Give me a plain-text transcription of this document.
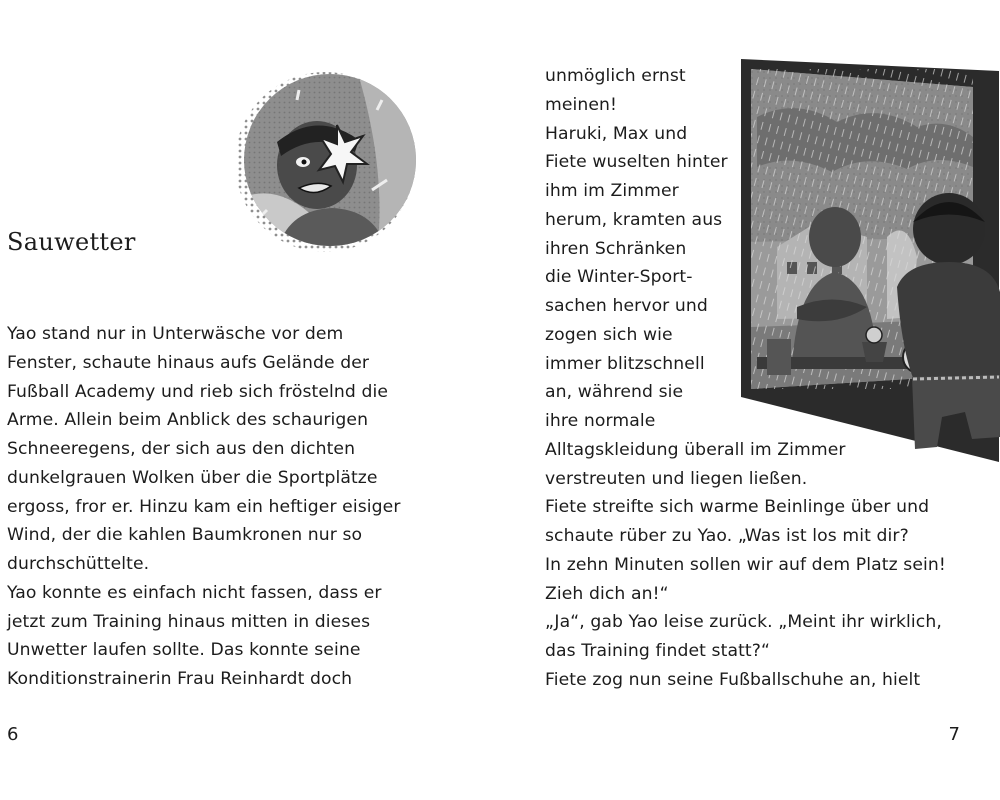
Sauwetter
Yao stand nur in Unterwäsche vor dem
Fenster, schaute hinaus aufs Gelände der
Fußball Academy und rieb sich fröstelnd die
Arme. Allein beim Anblick des schaurigen
Schneeregens, der sich aus den dichten
dunkelgrauen Wolken über die Sportplätze
ergoss, fror er. Hinzu kam ein heftiger eisiger
Wind, der die kahlen Baumkronen nur so
durchschüttelte.
Yao konnte es einfach nicht fassen, dass er
jetzt zum Training hinaus mitten in dieses
Unwetter laufen sollte. Das konnte seine
Konditionstrainerin Frau Reinhardt doch
6
unmöglich ernst
meinen!
Haruki, Max und
Fiete wuselten hinter
ihm im Zimmer
herum, kramten aus
ihren Schränken
die Winter-Sport-
sachen hervor und
zogen sich wie
immer blitzschnell
an, während sie
ihre normale
Alltagskleidung überall im Zimmer
verstreuten und liegen ließen.
Fiete streifte sich warme Beinlinge über und
schaute rüber zu Yao. „Was ist los mit dir?
In zehn Minuten sollen wir auf dem Platz sein!
Zieh dich an!“
„Ja“, gab Yao leise zurück. „Meint ihr wirklich,
das Training findet statt?“
Fiete zog nun seine Fußballschuhe an, hielt
7
